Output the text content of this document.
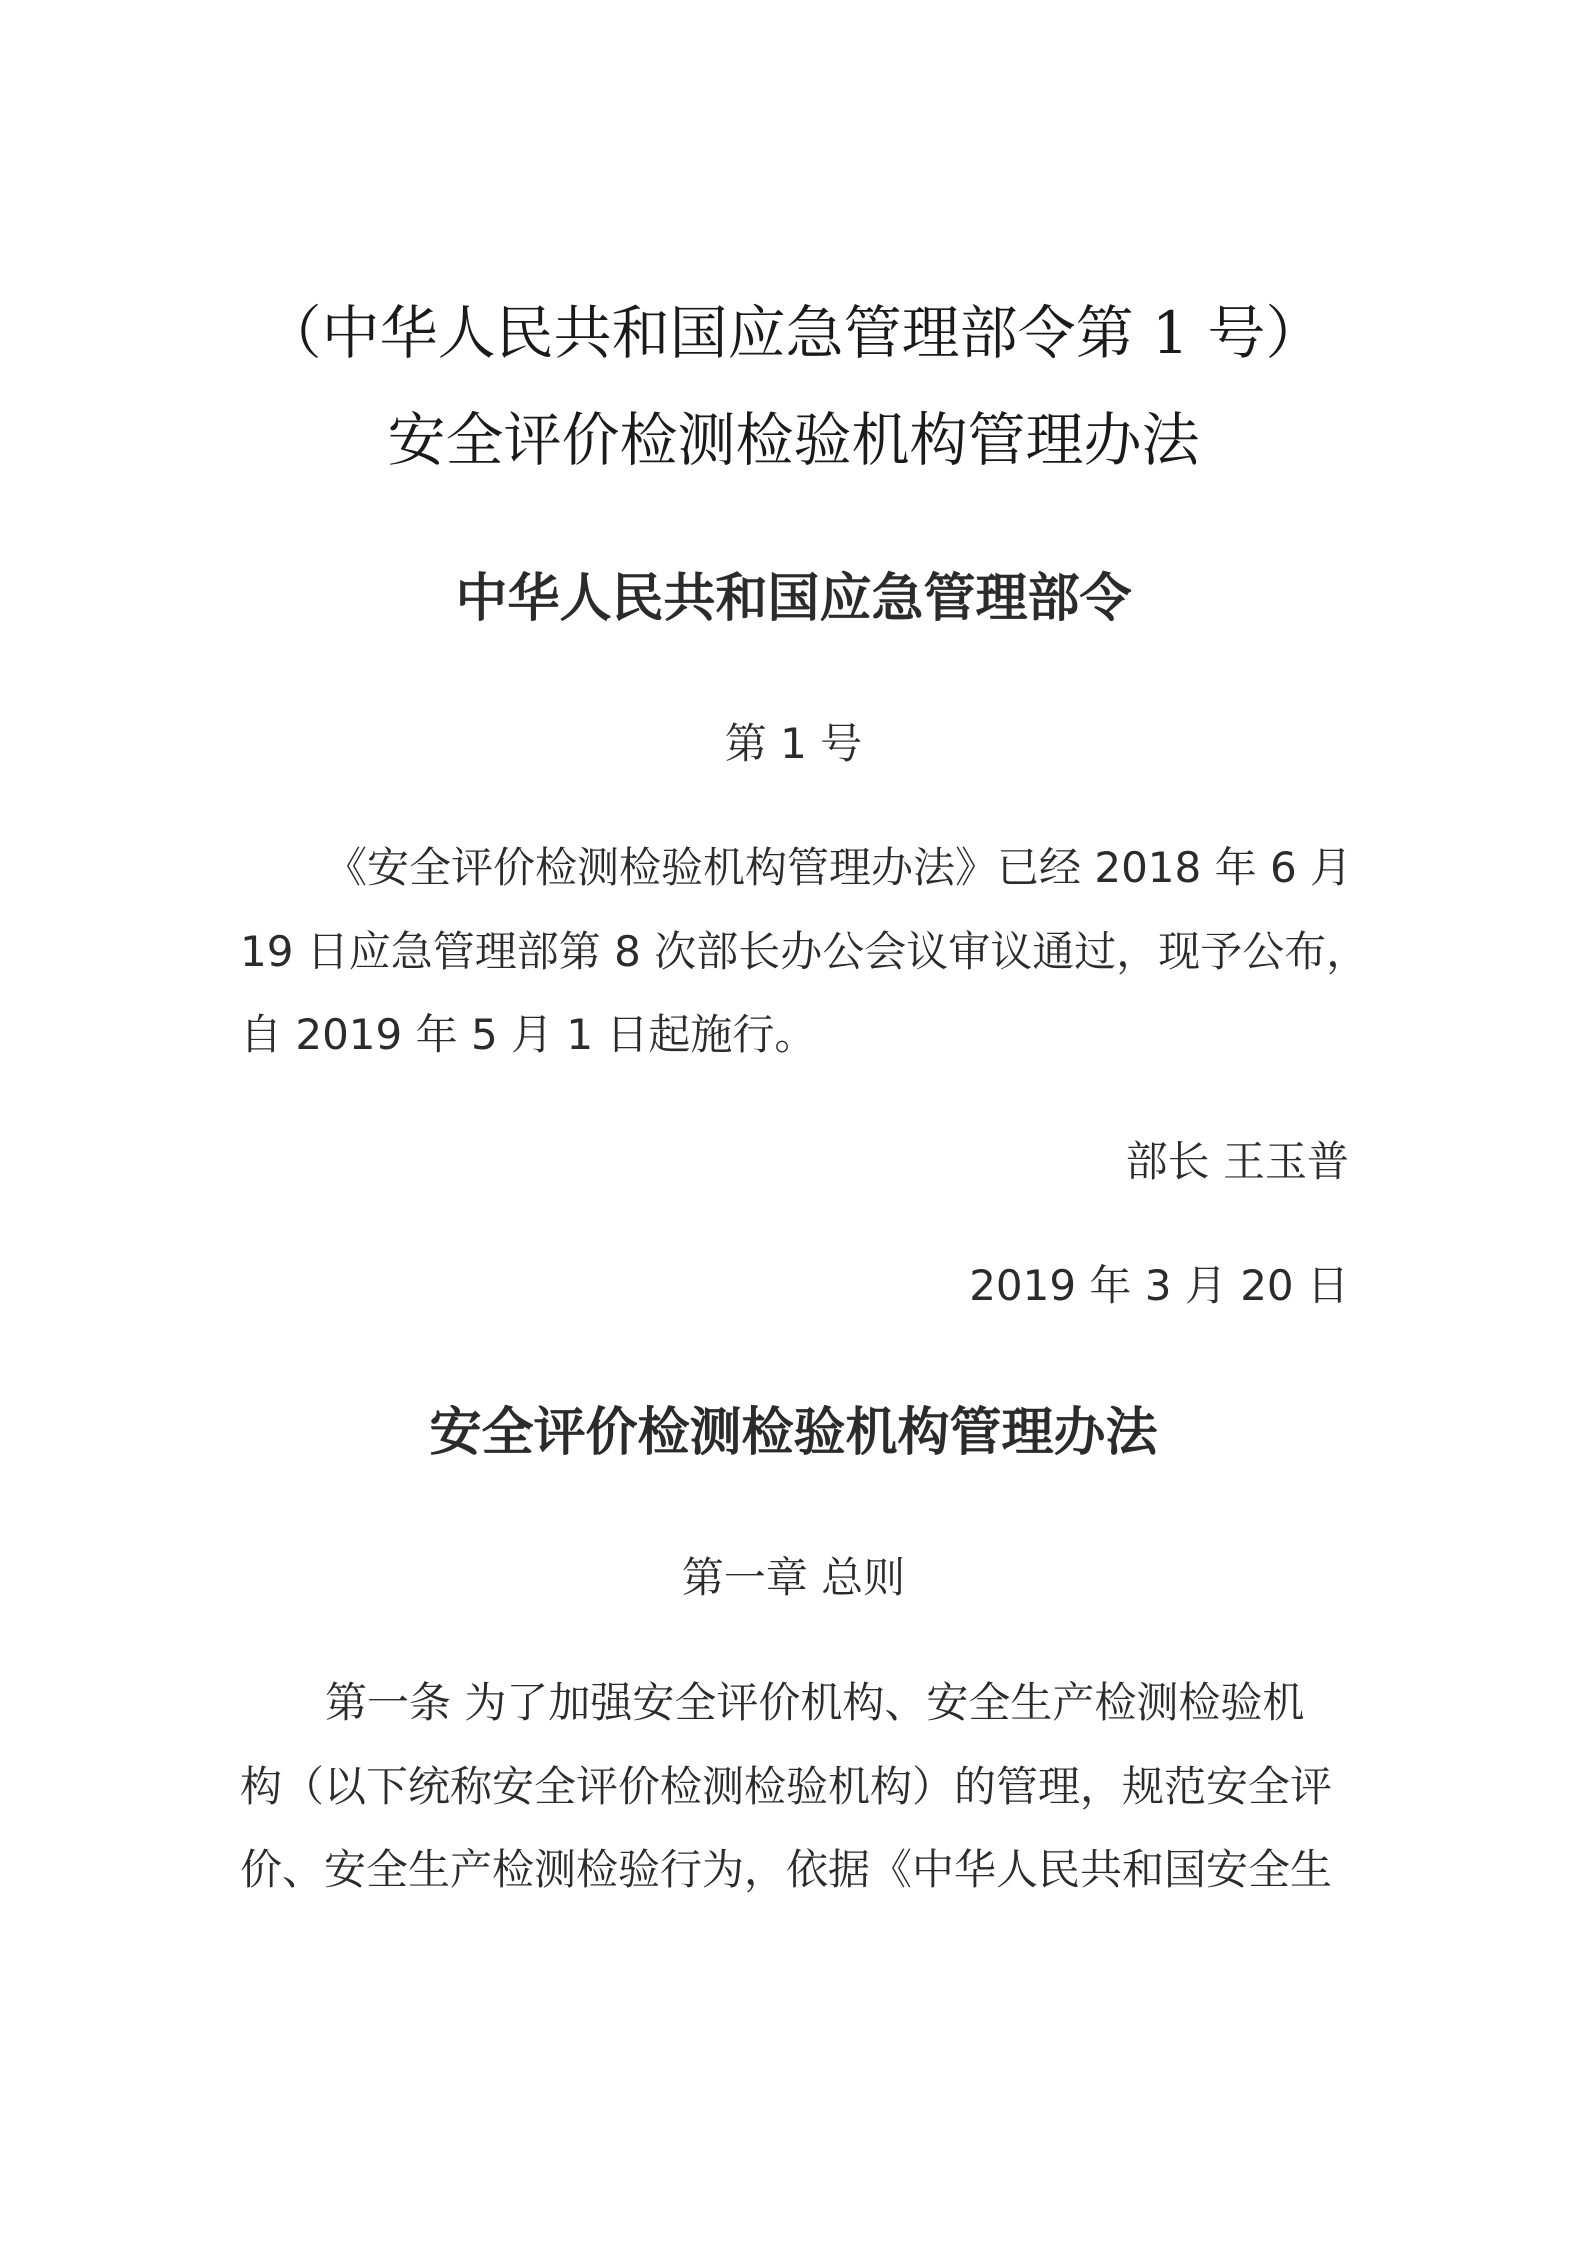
（中华人民共和国应急管理部令第 1 号）
安全评价检测检验机构管理办法
中华人民共和国应急管理部令
第 1 号
《安全评价检测检验机构管理办法》已经 2018 年 6 月
19 日应急管理部第 8 次部长办公会议审议通过，现予公布，
自 2019 年 5 月 1 日起施行。
部长 王玉普
2019 年 3 月 20 日
安全评价检测检验机构管理办法
第一章 总则
第一条 为了加强安全评价机构、安全生产检测检验机
构（以下统称安全评价检测检验机构）的管理，规范安全评
价、安全生产检测检验行为，依据《中华人民共和国安全生
